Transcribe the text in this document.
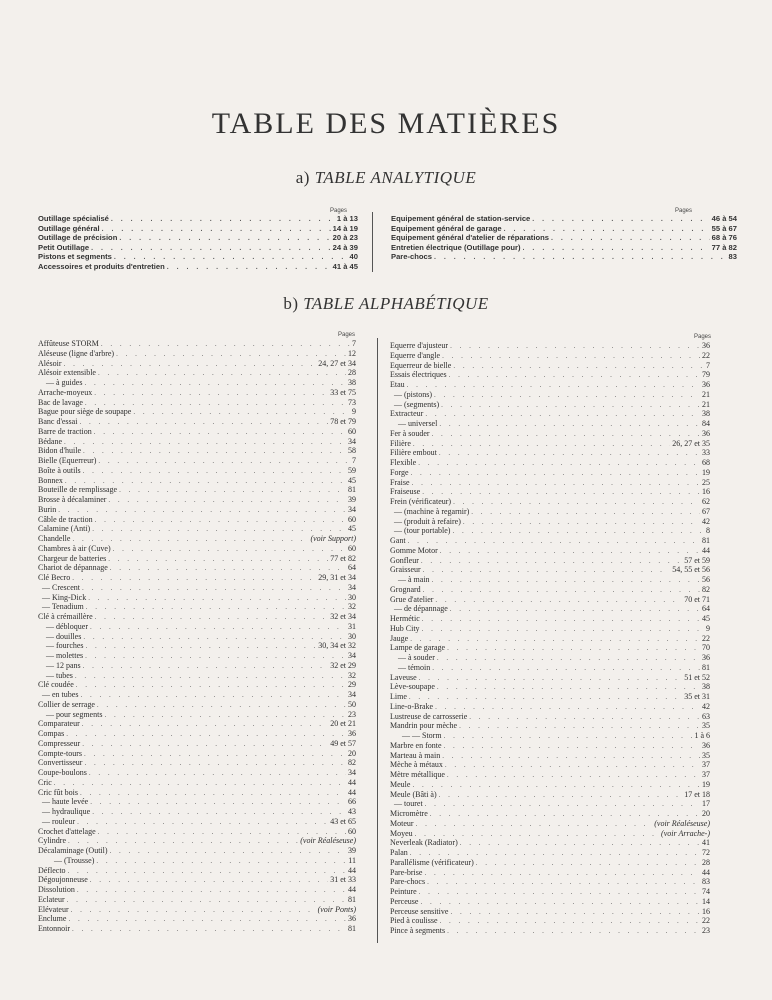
TABLE DES MATIÈRES
a) TABLE ANALYTIQUE
Pages	Pages
Outillage spécialisé . . .	1 à 13
Outillage général . . .	14 à 19
Outillage de précision . . .	20 à 23
Petit Outillage . . .	24 à 39
Pistons et segments . . .	40
Accessoires et produits d'entretien . . .	41 à 45
Equipement général de station-service . . .	46 à 54
Equipement général de garage . . .	55 à 67
Equipement général d'atelier de réparations . . .	68 à 76
Entretien électrique (Outillage pour) . . .	77 à 82
Pare-chocs . . .	83
b) TABLE ALPHABÉTIQUE
Pages	Pages
Affûteuse STORM . . .	7
Aléseuse (ligne d'arbre) . . .	12
Alésoir . . .	24, 27 et 34
Alésoir extensible . . .	28
— à guides . . .	38
Arrache-moyeux . . .	33 et 75
Bac de lavage . . .	73
Bague pour siège de soupape . . .	9
Banc d'essai . . .	78 et 79
Barre de traction . . .	60
Bédane . . .	34
Bidon d'huile . . .	58
Bielle (Equerreur) . . .	7
Boîte à outils . . .	59
Bonnex . . .	45
Bouteille de remplissage . . .	81
Brosse à décalaminer . . .	39
Burin . . .	34
Câble de traction . . .	60
Calamine (Anti) . . .	45
Chandelle . . .	(voir Support)
Chambres à air (Cuve) . . .	60
Chargeur de batteries . . .	77 et 82
Chariot de dépannage . . .	64
Clé Becro . . .	29, 31 et 34
— Crescent . . .	34
— King-Dick . . .	30
— Tenadium . . .	32
Clé à crémaillère . . .	32 et 34
— débloquer . . .	31
— douilles . . .	30
— fourches . . .	30, 34 et 32
— molettes . . .	34
— 12 pans . . .	32 et 29
— tubes . . .	32
Clé coudée . . .	29
— en tubes . . .	34
Collier de serrage . . .	50
— pour segments . . .	23
Comparateur . . .	20 et 21
Compas . . .	36
Compresseur . . .	49 et 57
Compte-tours . . .	20
Convertisseur . . .	82
Coupe-boulons . . .	34
Cric . . .	44
Cric fût bois . . .	44
— haute levée . . .	66
— hydraulique . . .	43
— rouleur . . .	43 et 65
Crochet d'attelage . . .	60
Cylindre . . .	(voir Réaléseuse)
Décalaminage (Outil) . . .	39
— (Trousse) . . .	11
Déflecto . . .	44
Dégoujonneuse . . .	31 et 33
Dissolution . . .	44
Eclateur . . .	81
Elévateur . . .	(voir Ponts)
Enclume . . .	36
Entonnoir . . .	81
Equerre d'ajusteur . . .	36
Equerre d'angle . . .	22
Equerreur de bielle . . .	7
Essais électriques . . .	79
Etau . . .	36
— (pistons) . . .	21
— (segments) . . .	21
Extracteur . . .	38
— universel . . .	84
Fer à souder . . .	36
Filière . . .	26, 27 et 35
Filière embout . . .	33
Flexible . . .	68
Forge . . .	19
Fraise . . .	25
Fraiseuse . . .	16
Frein (vérificateur) . . .	62
— (machine à regarnir) . . .	67
— (produit à refaire) . . .	42
— (tour portable) . . .	8
Gant . . .	81
Gomme Motor . . .	44
Gonfleur . . .	57 et 59
Graisseur . . .	54, 55 et 56
— à main . . .	56
Grognard . . .	82
Grue d'atelier . . .	70 et 71
— de dépannage . . .	64
Hermétic . . .	45
Hub City . . .	9
Jauge . . .	22
Lampe de garage . . .	70
— à souder . . .	36
— témoin . . .	81
Laveuse . . .	51 et 52
Lève-soupape . . .	38
Lime . . .	35 et 31
Line-o-Brake . . .	42
Lustreuse de carrosserie . . .	63
Mandrin pour mèche . . .	35
— — Storm . . .	1 à 6
Marbre en fonte . . .	36
Marteau à main . . .	35
Mèche à métaux . . .	37
Mètre métallique . . .	37
Meule . . .	19
Meule (Bâti à) . . .	17 et 18
— touret . . .	17
Micromètre . . .	20
Moteur . . .	(voir Réaléseuse)
Moyeu . . .	(voir Arrache-)
Neverleak (Radiator) . . .	41
Palan . . .	72
Parallélisme (vérificateur) . . .	28
Pare-brise . . .	44
Pare-chocs . . .	83
Peinture . . .	74
Perceuse . . .	14
Perceuse sensitive . . .	16
Pied à coulisse . . .	22
Pince à segments . . .	23
